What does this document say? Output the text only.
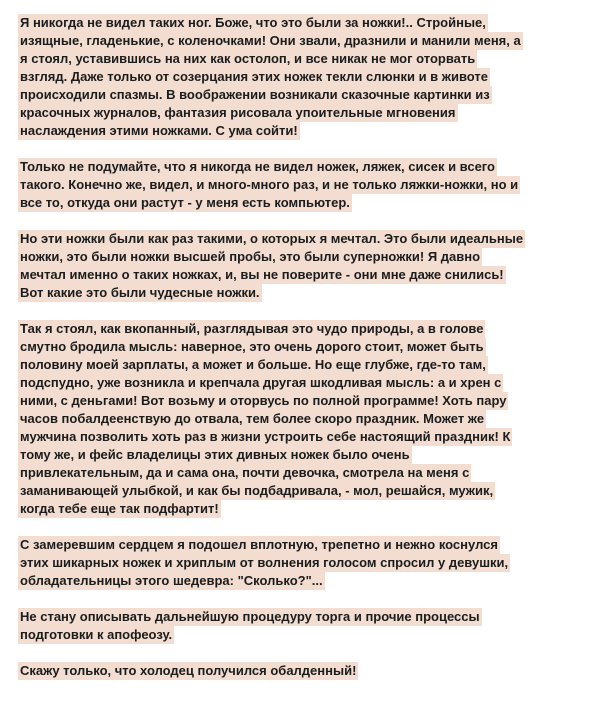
Я никогда не видел таких ног. Боже, что это были за ножки!.. Стройные,
изящные, гладенькие, с коленочками! Они звали, дразнили и манили меня, а
я стоял, уставившись на них как остолоп, и все никак не мог оторвать
взгляд. Даже только от созерцания этих ножек текли слюнки и в животе
происходили спазмы. В воображении возникали сказочные картинки из
красочных журналов, фантазия рисовала упоительные мгновения
наслаждения этими ножками. С ума сойти!
Только не подумайте, что я никогда не видел ножек, ляжек, сисек и всего
такого. Конечно же, видел, и много-много раз, и не только ляжки-ножки, но и
все то, откуда они растут - у меня есть компьютер.
Но эти ножки были как раз такими, о которых я мечтал. Это были идеальные
ножки, это были ножки высшей пробы, это были суперножки! Я давно
мечтал именно о таких ножках, и, вы не поверите - они мне даже снились!
Вот какие это были чудесные ножки.
Так я стоял, как вкопанный, разглядывая это чудо природы, а в голове
смутно бродила мысль: наверное, это очень дорого стоит, может быть
половину моей зарплаты, а может и больше. Но еще глубже, где-то там,
подспудно, уже возникла и крепчала другая шкодливая мысль: а и хрен с
ними, с деньгами! Вот возьму и оторвусь по полной программе! Хоть пару
часов побалдеенствую до отвала, тем более скоро праздник. Может же
мужчина позволить хоть раз в жизни устроить себе настоящий праздник! К
тому же, и фейс владелицы этих дивных ножек было очень
привлекательным, да и сама она, почти девочка, смотрела на меня с
заманивающей улыбкой, и как бы подбадривала, - мол, решайся, мужик,
когда тебе еще так подфартит!
С замеревшим сердцем я подошел вплотную, трепетно и нежно коснулся
этих шикарных ножек и хриплым от волнения голосом спросил у девушки,
обладательницы этого шедевра: "Сколько?"...
Не стану описывать дальнейшую процедуру торга и прочие процессы
подготовки к апофеозу.
Скажу только, что холодец получился обалденный!
